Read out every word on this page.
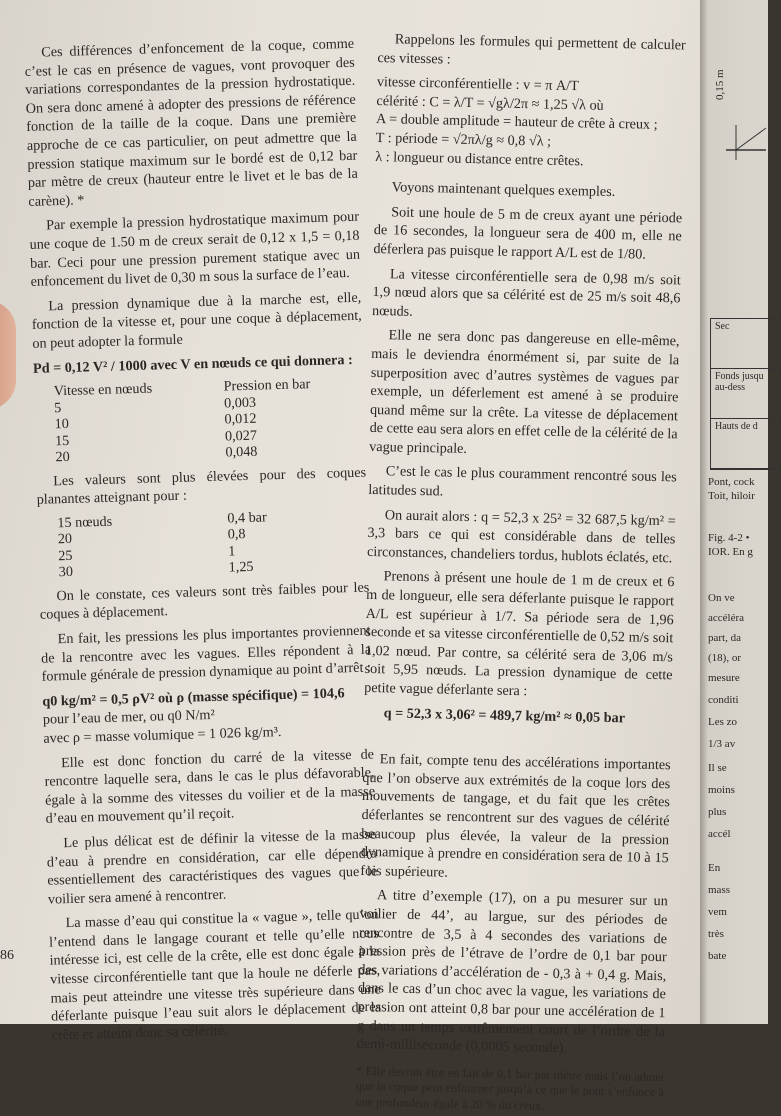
Ces différences d’enfoncement de la coque, comme c’est le cas en présence de vagues, vont provoquer des variations correspondantes de la pression hydrostatique. On sera donc amené à adopter des pressions de référence fonction de la taille de la coque. Dans une première approche de ce cas particulier, on peut admettre que la pression statique maximum sur le bordé est de 0,12 bar par mètre de creux (hauteur entre le livet et le bas de la carène). *

Par exemple la pression hydrostatique maximum pour une coque de 1.50 m de creux serait de 0,12 x 1,5 = 0,18 bar. Ceci pour une pression purement statique avec un enfoncement du livet de 0,30 m sous la surface de l’eau.

La pression dynamique due à la marche est, elle, fonction de la vitesse et, pour une coque à déplacement, on peut adopter la formule

Pd = 0,12 V² / 1000 avec V en nœuds ce qui donnera :

Vitesse en nœuds	Pression en bar
5	0,003
10	0,012
15	0,027
20	0,048

Les valeurs sont plus élevées pour des coques planantes atteignant pour :

15 nœuds	0,4 bar
20	0,8
25	1
30	1,25

On le constate, ces valeurs sont très faibles pour les coques à déplacement.

En fait, les pressions les plus importantes proviennent de la rencontre avec les vagues. Elles répondent à la formule générale de pression dynamique au point d’arrêt :

q0 kg/m² = 0,5 ρV² où ρ (masse spécifique) = 104,6
pour l’eau de mer, ou q0 N/m²
avec ρ = masse volumique = 1 026 kg/m³.

Elle est donc fonction du carré de la vitesse de rencontre laquelle sera, dans le cas le plus défavorable, égale à la somme des vitesses du voilier et de la masse d’eau en mouvement qu’il reçoit.

Le plus délicat est de définir la vitesse de la masse d’eau à prendre en considération, car elle dépendra essentiellement des caractéristiques des vagues que le voilier sera amené à rencontrer.

La masse d’eau qui constitue la « vague », telle qu’on l’entend dans le langage courant et telle qu’elle nous intéresse ici, est celle de la crête, elle est donc égale à la vitesse circonférentielle tant que la houle ne déferle pas, mais peut atteindre une vitesse très supérieure dans une déferlante puisque l’eau suit alors le déplacement de la crête et atteint donc sa célérité.

Rappelons les formules qui permettent de calculer ces vitesses :

vitesse circonférentielle : v = π A/T
célérité : C = λ/T = √gλ/2π ≈ 1,25 √λ où
A = double amplitude = hauteur de crête à creux ;
T : période = √2πλ/g ≈ 0,8 √λ ;
λ : longueur ou distance entre crêtes.

Voyons maintenant quelques exemples.

Soit une houle de 5 m de creux ayant une période de 16 secondes, la longueur sera de 400 m, elle ne déferlera pas puisque le rapport A/L est de 1/80.

La vitesse circonférentielle sera de 0,98 m/s soit 1,9 nœud alors que sa célérité est de 25 m/s soit 48,6 nœuds.

Elle ne sera donc pas dangereuse en elle-même, mais le deviendra énormément si, par suite de la superposition avec d’autres systèmes de vagues par exemple, un déferlement est amené à se produire quand même sur la crête. La vitesse de déplacement de cette eau sera alors en effet celle de la célérité de la vague principale.

C’est le cas le plus couramment rencontré sous les latitudes sud.

On aurait alors : q = 52,3 x 25² = 32 687,5 kg/m² = 3,3 bars ce qui est considérable dans de telles circonstances, chandeliers tordus, hublots éclatés, etc.

Prenons à présent une houle de 1 m de creux et 6 m de longueur, elle sera déferlante puisque le rapport A/L est supérieur à 1/7. Sa période sera de 1,96 seconde et sa vitesse circonférentielle de 0,52 m/s soit 1,02 nœud. Par contre, sa célérité sera de 3,06 m/s soit 5,95 nœuds. La pression dynamique de cette petite vague déferlante sera :

q = 52,3 x 3,06² = 489,7 kg/m² ≈ 0,05 bar

En fait, compte tenu des accélérations importantes que l’on observe aux extrémités de la coque lors des mouvements de tangage, et du fait que les crêtes déferlantes se rencontrent sur des vagues de célérité beaucoup plus élevée, la valeur de la pression dynamique à prendre en considération sera de 10 à 15 fois supérieure.

A titre d’exemple (17), on a pu mesurer sur un voilier de 44’, au largue, sur des périodes de rencontre de 3,5 à 4 secondes des variations de pression près de l’étrave de l’ordre de 0,1 bar pour des variations d’accélération de - 0,3 à + 0,4 g. Mais, dans le cas d’un choc avec la vague, les variations de pression ont atteint 0,8 bar pour une accélération de 1 g dans un temps extrêmement court de l’ordre de la demi-milliseconde (0,0005 seconde).

* Elle devrait être en fait de 0,1 bar par mètre mais l’on admet que la coque peut enfourner jusqu’à ce que le pont s’enfonce à une profondeur égale à 20 % du creux.
86
0,15 m
Sec
Fonds jusqu au-dess
Hauts de d
Pont, cock
Toit, hiloir
Fig. 4-2 •
IOR. En g
On ve
accéléra
part, da
(18), or
mesure
conditi
Les zo
1/3 av
Il se
moins
plus
accél
En
mass
vem
très
bate
